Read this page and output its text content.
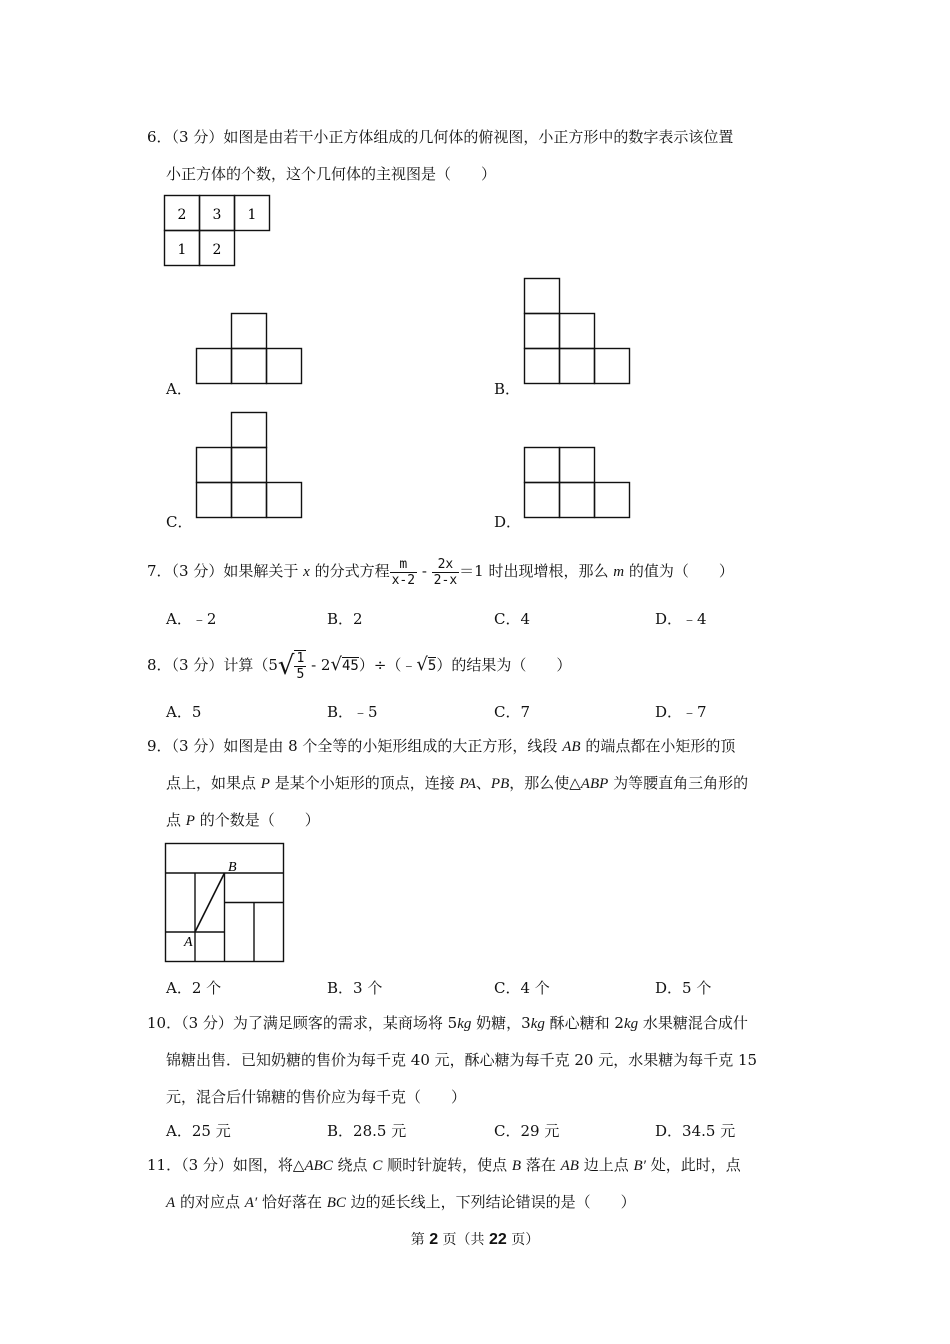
6．（3 分）如图是由若干小正方体组成的几何体的俯视图，小正方形中的数字表示该位置
小正方体的个数，这个几何体的主视图是（　　）
2 3 1
1 2
A．	B．
C．	D．
7．（3 分）如果解关于 x 的分式方程 $\frac{m}{x-2} - \frac{2x}{2-x} =1$ 时出现增根，那么 m 的值为（　　）
A．﹣2	B．2	C．4	D．﹣4
8．（3 分）计算（$5√ \frac{1}{5}$ - 2√45）÷（﹣√5）的结果为（　　）
A．5	B．﹣5	C．7	D．﹣7
9．（3 分）如图是由 8 个全等的小矩形组成的大正方形，线段 AB 的端点都在小矩形的顶
点上，如果点 P 是某个小矩形的顶点，连接 PA、PB，那么使△ABP 为等腰直角三角形的
点 P 的个数是（　　）
B
A
A．2 个	B．3 个	C．4 个	D．5 个
10．（3 分）为了满足顾客的需求，某商场将 5kg 奶糖，3kg 酥心糖和 2kg 水果糖混合成什
锦糖出售．已知奶糖的售价为每千克 40 元，酥心糖为每千克 20 元，水果糖为每千克 15
元，混合后什锦糖的售价应为每千克（　　）
A．25 元	B．28.5 元	C．29 元	D．34.5 元
11．（3 分）如图，将△ABC 绕点 C 顺时针旋转，使点 B 落在 AB 边上点 B′ 处，此时，点
A 的对应点 A′ 恰好落在 BC 边的延长线上，下列结论错误的是（　　）
第 2 页（共 22 页）
